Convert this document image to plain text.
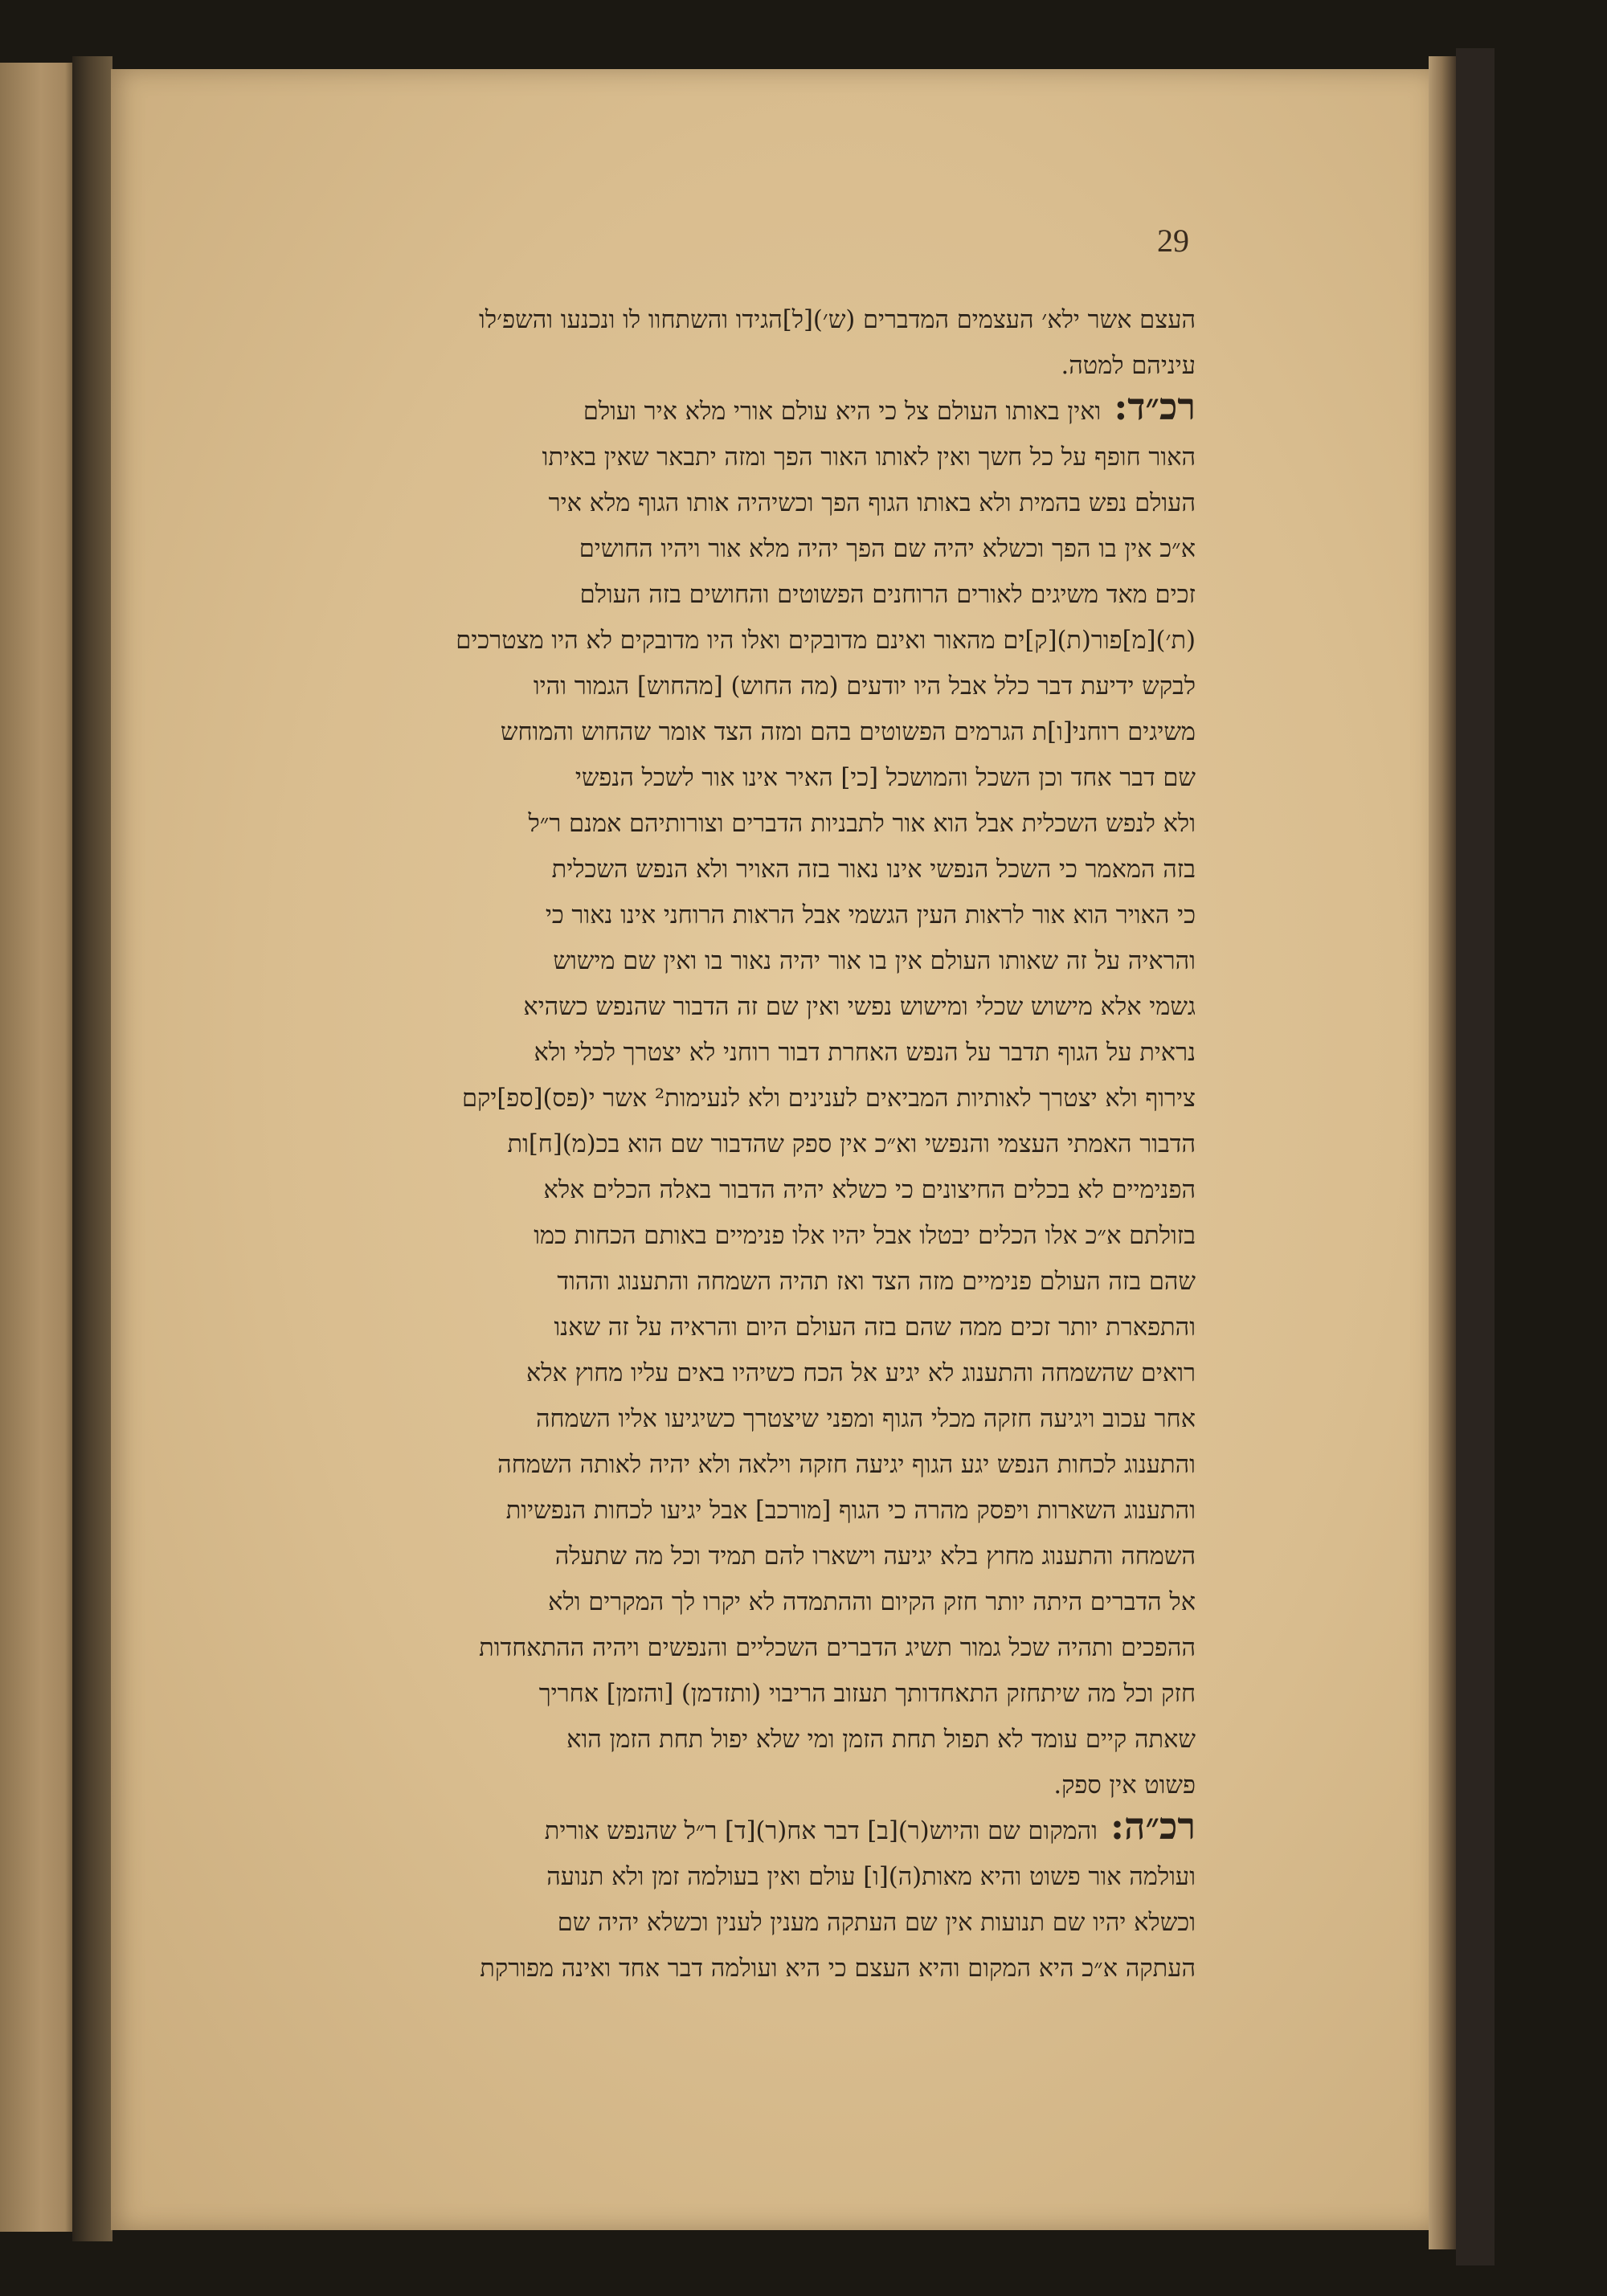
29

העצם אשר ילא׳ העצמים המדברים (ש׳)[ל]הגידו והשתחוו לו ונכנעו והשפ׳לו
עיניהם למטה.

רכ״ד: ואין באותו העולם צל כי היא עולם אורי מלא איר ועולם
האור חופף על כל חשך ואין לאותו האור הפך ומזה יתבאר שאין באיתו
העולם נפש בהמית ולא באותו הגוף הפך וכשיהיה אותו הגוף מלא איר
א״כ אין בו הפך וכשלא יהיה שם הפך יהיה מלא אור ויהיו החושים
זכים מאד משיגים לאורים הרוחנים הפשוטים והחושים בזה העולם
(ת׳)[מ]פור(ת)[ק]ים מהאור ואינם מדובקים ואלו היו מדובקים לא היו מצטרכים
לבקש ידיעת דבר כלל אבל היו יודעים (מה החוש) [מהחוש] הגמור והיו
משיגים רוחני[ו]ת הגרמים הפשוטים בהם ומזה הצד אומר שהחוש והמוחש
שם דבר אחד וכן השכל והמושכל [כי] האיר אינו אור לשכל הנפשי
ולא לנפש השכלית אבל הוא אור לתבניות הדברים וצורותיהם אמנם ר״ל
בזה המאמר כי השכל הנפשי אינו נאור בזה האויר ולא הנפש השכלית
כי האויר הוא אור לראות העין הגשמי אבל הראות הרוחני אינו נאור כי
והראיה על זה שאותו העולם אין בו אור יהיה נאור בו ואין שם מישוש
גשמי אלא מישוש שכלי ומישוש נפשי ואין שם זה הדבור שהנפש כשהיא
נראית על הגוף תדבר על הנפש האחרת דבור רוחני לא יצטרך לכלי ולא
צירוף ולא יצטרך לאותיות המביאים לענינים ולא לנעימות² אשר י(פס)[ספ]יקם
הדבור האמתי העצמי והנפשי וא״כ אין ספק שהדבור שם הוא בכ(מ)[ח]ות
הפנימיים לא בכלים החיצונים כי כשלא יהיה הדבור באלה הכלים אלא
בזולתם א״כ אלו הכלים יבטלו אבל יהיו אלו פנימיים באותם הכחות כמו
שהם בזה העולם פנימיים מזה הצד ואז תהיה השמחה והתענוג וההוד
והתפארת יותר זכים ממה שהם בזה העולם היום והראיה על זה שאנו
רואים שהשמחה והתענוג לא יגיע אל הכח כשיהיו באים עליו מחוץ אלא
אחר עכוב ויגיעה חזקה מכלי הגוף ומפני שיצטרך כשיגיעו אליו השמחה
והתענוג לכחות הנפש יגע הגוף יגיעה חזקה וילאה ולא יהיה לאותה השמחה
והתענוג השארות ויפסק מהרה כי הגוף [מורכב] אבל יגיעו לכחות הנפשיות
השמחה והתענוג מחוץ בלא יגיעה וישארו להם תמיד וכל מה שתעלה
אל הדברים היתה יותר חזק הקיום וההתמדה לא יקרו לך המקרים ולא
ההפכים ותהיה שכל גמור תשיג הדברים השכליים והנפשים ויהיה ההתאחדות
חזק וכל מה שיתחזק התאחדותך תעזוב הריבוי (ותזדמן) [והזמן] אחריך
שאתה קיים עומד לא תפול תחת הזמן ומי שלא יפול תחת הזמן הוא
פשוט אין ספק.

רכ״ה: והמקום שם והיוש(ר)[ב] דבר אח(ר)[ד] ר״ל שהנפש אורית
ועולמה אור פשוט והיא מאות(ה)[ו] עולם ואין בעולמה זמן ולא תנועה
וכשלא יהיו שם תנועות אין שם העתקה מענין לענין וכשלא יהיה שם
העתקה א״כ היא המקום והיא העצם כי היא ועולמה דבר אחד ואינה מפורקת
